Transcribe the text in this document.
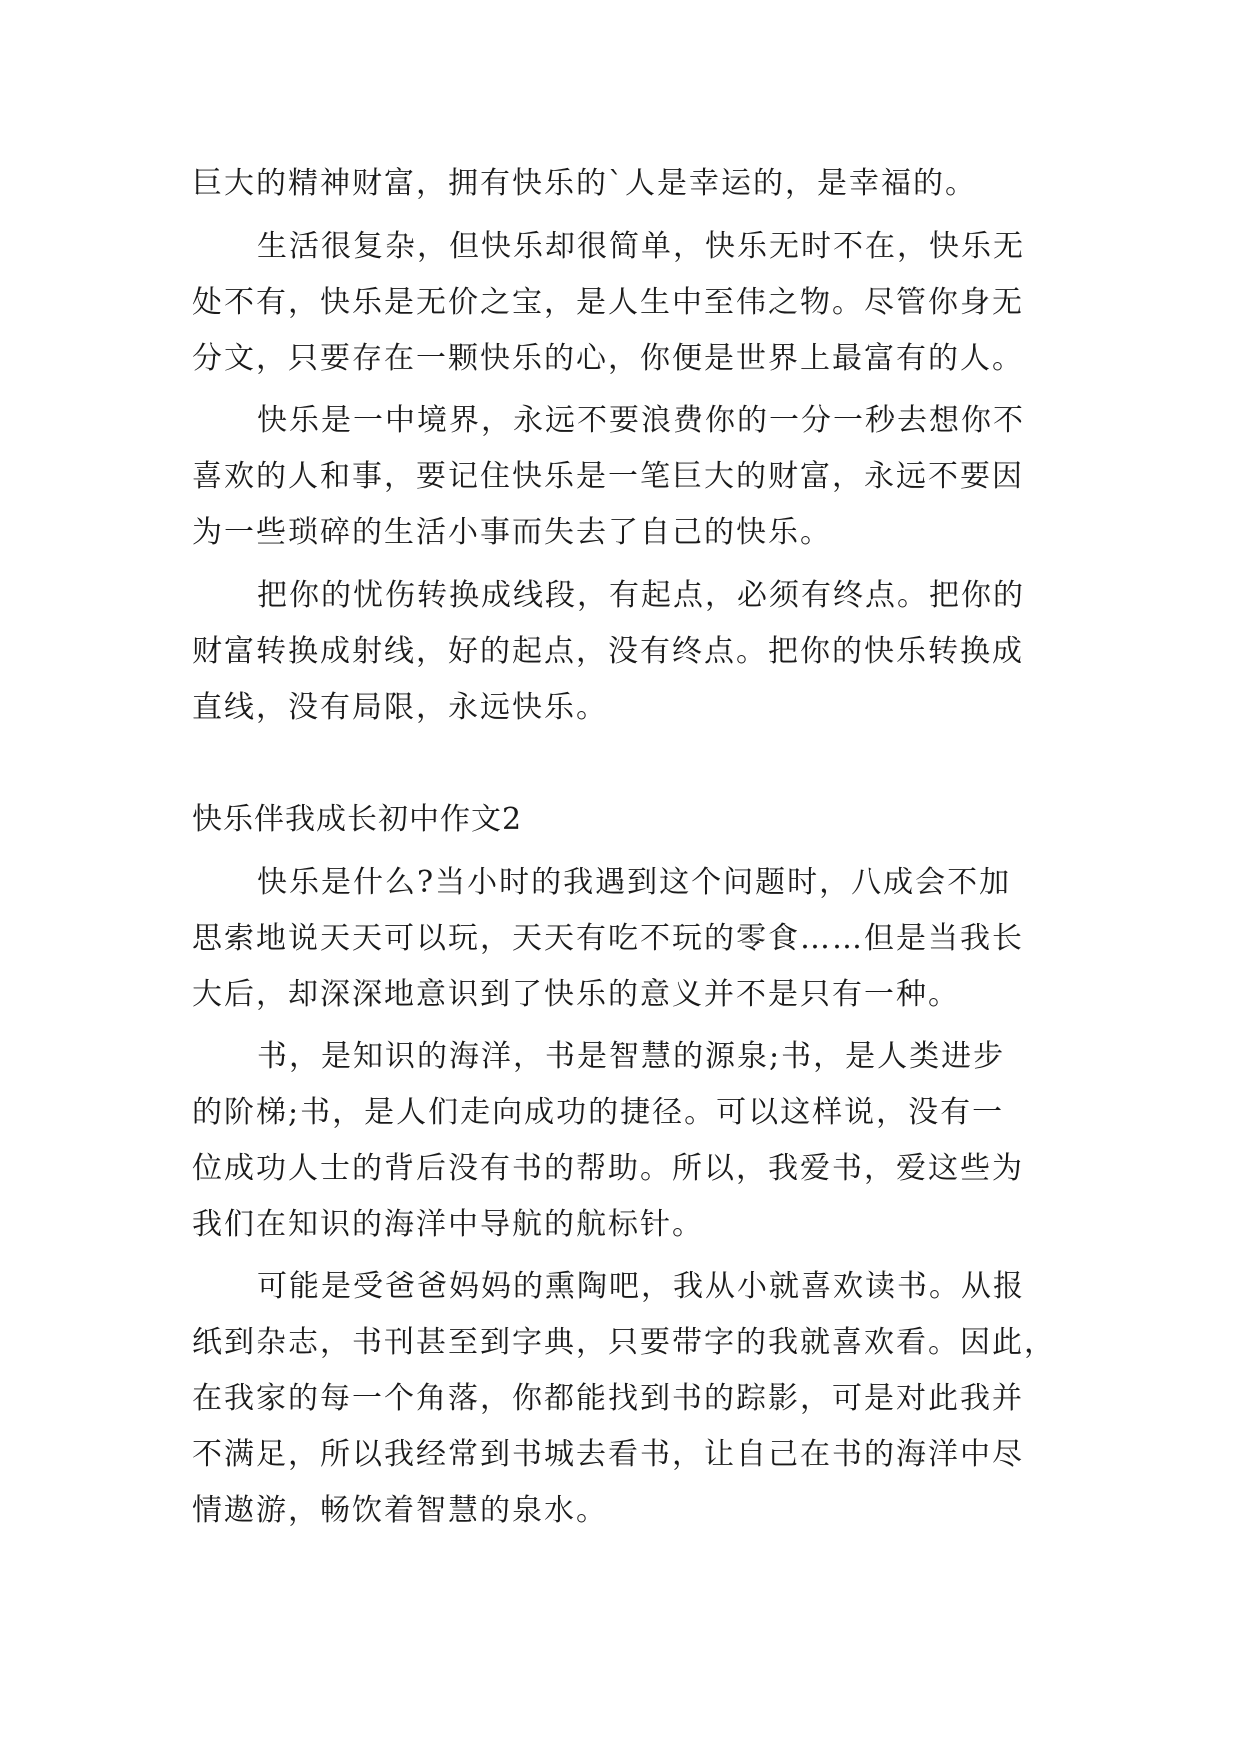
巨大的精神财富，拥有快乐的`人是幸运的，是幸福的。
生活很复杂，但快乐却很简单，快乐无时不在，快乐无
处不有，快乐是无价之宝，是人生中至伟之物。尽管你身无
分文，只要存在一颗快乐的心，你便是世界上最富有的人。
快乐是一中境界，永远不要浪费你的一分一秒去想你不
喜欢的人和事，要记住快乐是一笔巨大的财富，永远不要因
为一些琐碎的生活小事而失去了自己的快乐。
把你的忧伤转换成线段，有起点，必须有终点。把你的
财富转换成射线，好的起点，没有终点。把你的快乐转换成
直线，没有局限，永远快乐。
快乐伴我成长初中作文2
快乐是什么?当小时的我遇到这个问题时，八成会不加
思索地说天天可以玩，天天有吃不玩的零食……但是当我长
大后，却深深地意识到了快乐的意义并不是只有一种。
书，是知识的海洋，书是智慧的源泉;书，是人类进步
的阶梯;书，是人们走向成功的捷径。可以这样说，没有一
位成功人士的背后没有书的帮助。所以，我爱书，爱这些为
我们在知识的海洋中导航的航标针。
可能是受爸爸妈妈的熏陶吧，我从小就喜欢读书。从报
纸到杂志，书刊甚至到字典，只要带字的我就喜欢看。因此，
在我家的每一个角落，你都能找到书的踪影，可是对此我并
不满足，所以我经常到书城去看书，让自己在书的海洋中尽
情遨游，畅饮着智慧的泉水。
